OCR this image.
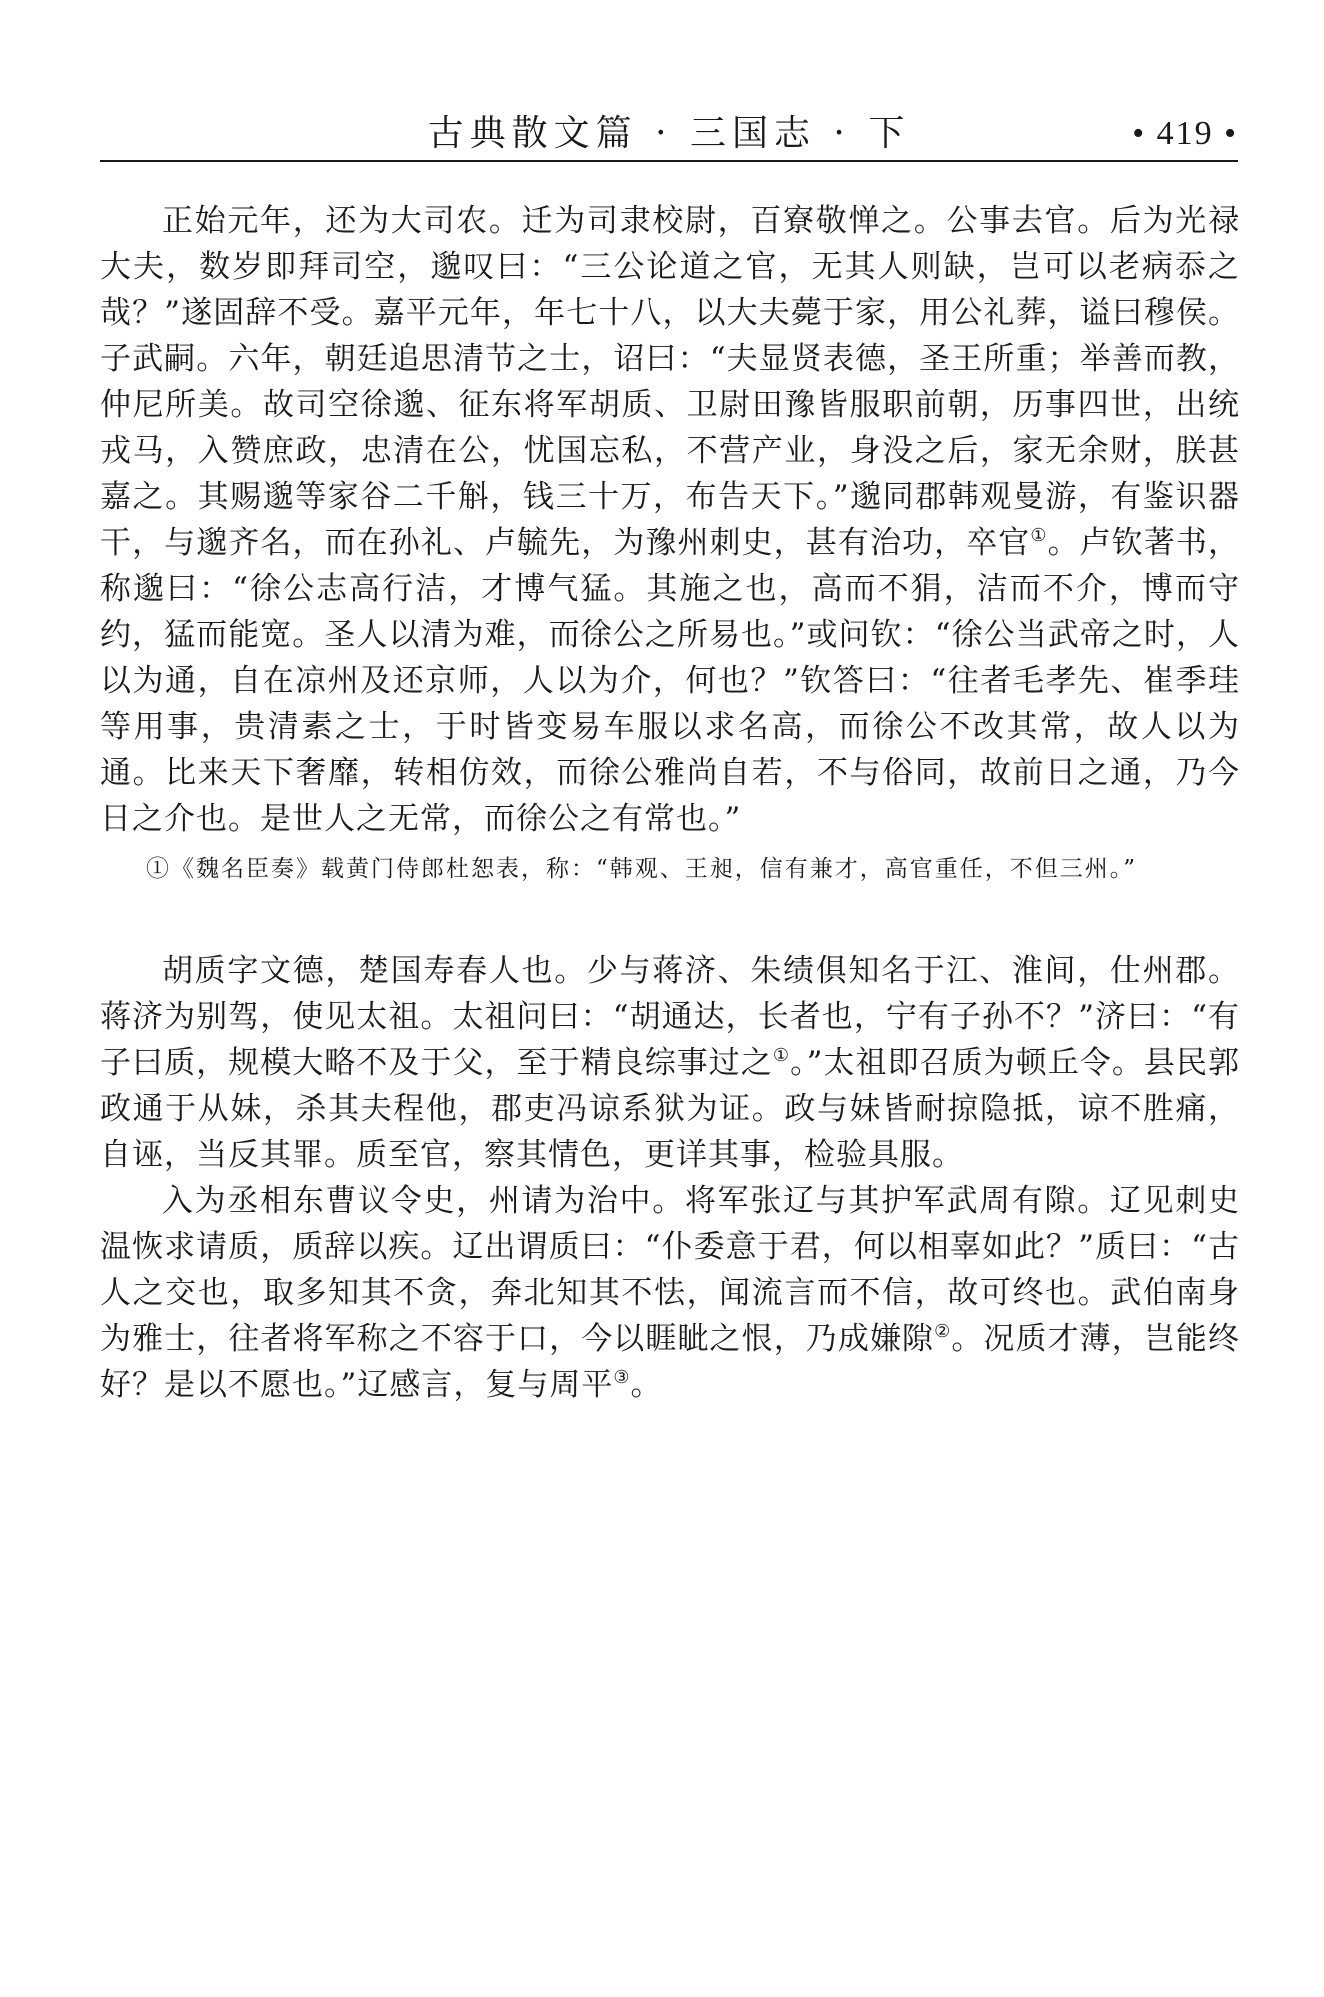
古典散文篇 · 三国志 · 下	• 419 •

正始元年，还为大司农。迁为司隶校尉，百寮敬惮之。公事去官。后为光禄大夫，数岁即拜司空，邈叹曰：“三公论道之官，无其人则缺，岂可以老病忝之哉？”遂固辞不受。嘉平元年，年七十八，以大夫薨于家，用公礼葬，谥曰穆侯。子武嗣。六年，朝廷追思清节之士，诏曰：“夫显贤表德，圣王所重；举善而教，仲尼所美。故司空徐邈、征东将军胡质、卫尉田豫皆服职前朝，历事四世，出统戎马，入赞庶政，忠清在公，忧国忘私，不营产业，身没之后，家无余财，朕甚嘉之。其赐邈等家谷二千斛，钱三十万，布告天下。”邈同郡韩观曼游，有鉴识器干，与邈齐名，而在孙礼、卢毓先，为豫州刺史，甚有治功，卒官①。卢钦著书，称邈曰：“徐公志高行洁，才博气猛。其施之也，高而不狷，洁而不介，博而守约，猛而能宽。圣人以清为难，而徐公之所易也。”或问钦：“徐公当武帝之时，人以为通，自在凉州及还京师，人以为介，何也？”钦答曰：“往者毛孝先、崔季珪等用事，贵清素之士，于时皆变易车服以求名高，而徐公不改其常，故人以为通。比来天下奢靡，转相仿效，而徐公雅尚自若，不与俗同，故前日之通，乃今日之介也。是世人之无常，而徐公之有常也。”

①《魏名臣奏》载黄门侍郎杜恕表，称：“韩观、王昶，信有兼才，高官重任，不但三州。”

胡质字文德，楚国寿春人也。少与蒋济、朱绩俱知名于江、淮间，仕州郡。蒋济为别驾，使见太祖。太祖问曰：“胡通达，长者也，宁有子孙不？”济曰：“有子曰质，规模大略不及于父，至于精良综事过之①。”太祖即召质为顿丘令。县民郭政通于从妹，杀其夫程他，郡吏冯谅系狱为证。政与妹皆耐掠隐抵，谅不胜痛，自诬，当反其罪。质至官，察其情色，更详其事，检验具服。

入为丞相东曹议令史，州请为治中。将军张辽与其护军武周有隙。辽见刺史温恢求请质，质辞以疾。辽出谓质曰：“仆委意于君，何以相辜如此？”质曰：“古人之交也，取多知其不贪，奔北知其不怯，闻流言而不信，故可终也。武伯南身为雅士，往者将军称之不容于口，今以睚眦之恨，乃成嫌隙②。况质才薄，岂能终好？是以不愿也。”辽感言，复与周平③。
